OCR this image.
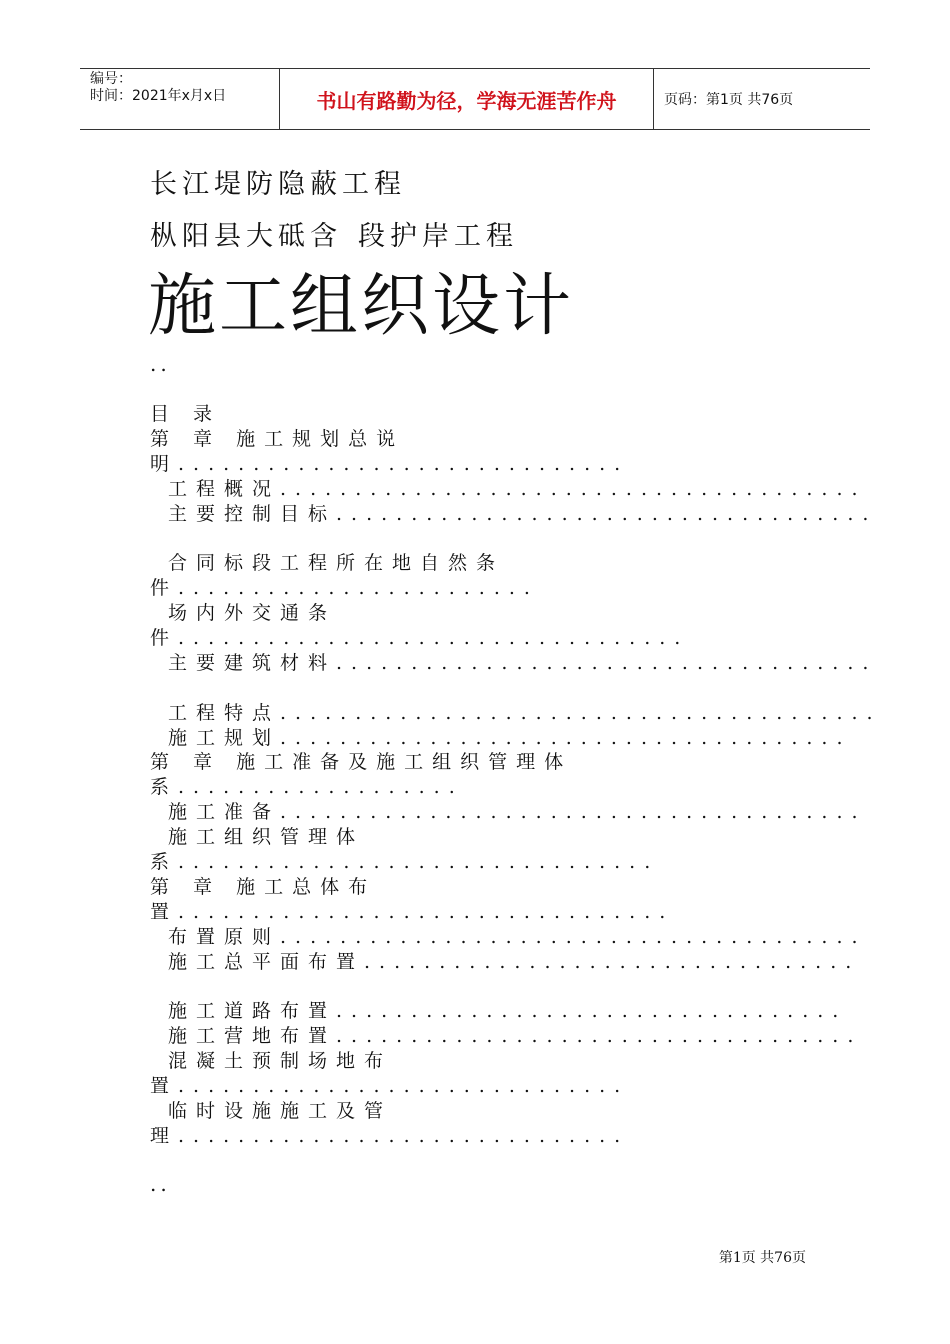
编号：
时间：2021年x月x日	书山有路勤为径，学海无涯苦作舟	页码：第1页 共76页
长江堤防隐蔽工程
枞阳县大砥含 段护岸工程
施工组织设计
..
目 录
第 章 施工规划总说
明..............................
工程概况.......................................
主要控制目标....................................
合同标段工程所在地自然条
件........................
场内外交通条
件..................................
主要建筑材料....................................
工程特点........................................
施工规划......................................
第 章 施工准备及施工组织管理体
系...................
施工准备.......................................
施工组织管理体
系................................
第 章 施工总体布
置.................................
布置原则.......................................
施工总平面布置.................................
施工道路布置..................................
施工营地布置...................................
混凝土预制场地布
置..............................
临时设施施工及管
理..............................
..
第1页 共76页
